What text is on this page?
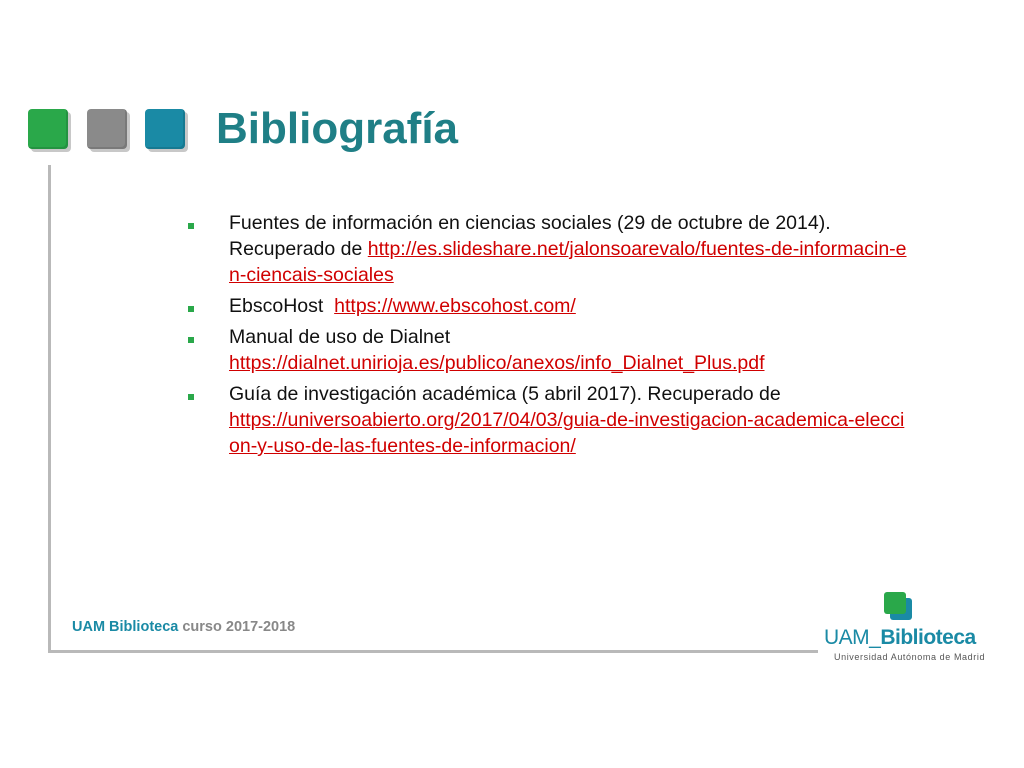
Bibliografía
Fuentes de información en ciencias sociales (29 de octubre de 2014). Recuperado de http://es.slideshare.net/jalonsoarevalo/fuentes-de-informacin-en-ciencais-sociales
EbscoHost  https://www.ebscohost.com/
Manual de uso de Dialnet
https://dialnet.unirioja.es/publico/anexos/info_Dialnet_Plus.pdf
Guía de investigación académica (5 abril 2017). Recuperado de
https://universoabierto.org/2017/04/03/guia-de-investigacion-academica-eleccion-y-uso-de-las-fuentes-de-informacion/
UAM Biblioteca curso 2017-2018	UAM_Biblioteca
Universidad Autónoma de Madrid
